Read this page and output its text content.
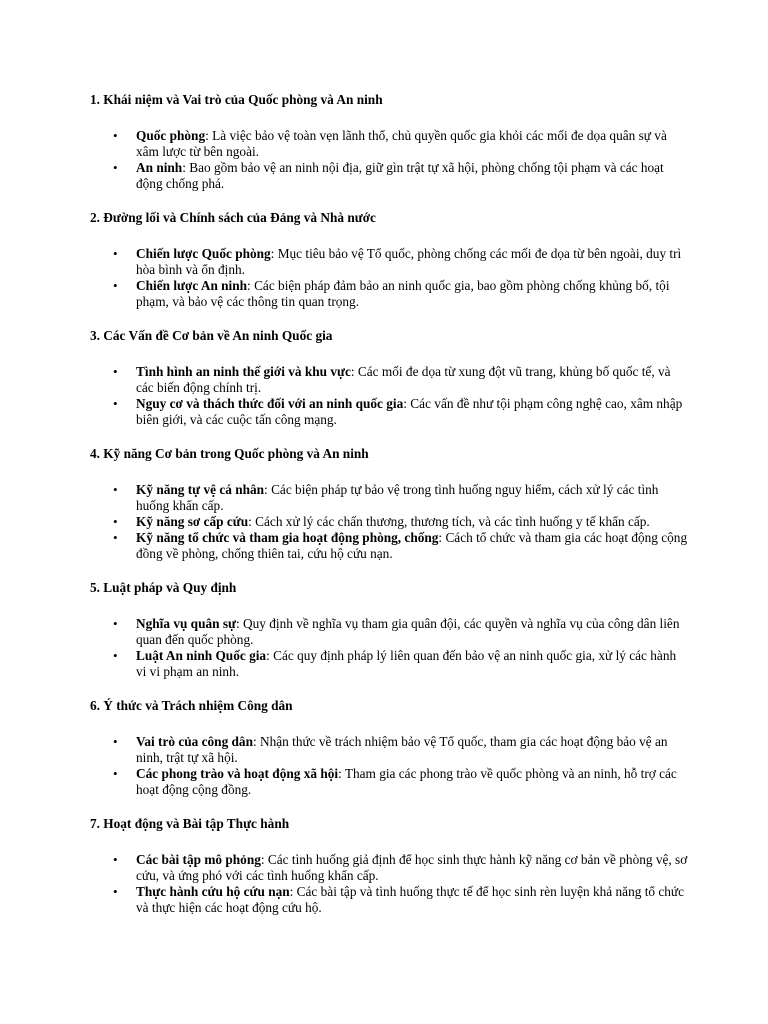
1. Khái niệm và Vai trò của Quốc phòng và An ninh
• Quốc phòng: Là việc bảo vệ toàn vẹn lãnh thổ, chủ quyền quốc gia khỏi các mối đe dọa quân sự và xâm lược từ bên ngoài.
• An ninh: Bao gồm bảo vệ an ninh nội địa, giữ gìn trật tự xã hội, phòng chống tội phạm và các hoạt động chống phá.
2. Đường lối và Chính sách của Đảng và Nhà nước
• Chiến lược Quốc phòng: Mục tiêu bảo vệ Tổ quốc, phòng chống các mối đe dọa từ bên ngoài, duy trì hòa bình và ổn định.
• Chiến lược An ninh: Các biện pháp đảm bảo an ninh quốc gia, bao gồm phòng chống khủng bố, tội phạm, và bảo vệ các thông tin quan trọng.
3. Các Vấn đề Cơ bản về An ninh Quốc gia
• Tình hình an ninh thế giới và khu vực: Các mối đe dọa từ xung đột vũ trang, khủng bố quốc tế, và các biến động chính trị.
• Nguy cơ và thách thức đối với an ninh quốc gia: Các vấn đề như tội phạm công nghệ cao, xâm nhập biên giới, và các cuộc tấn công mạng.
4. Kỹ năng Cơ bản trong Quốc phòng và An ninh
• Kỹ năng tự vệ cá nhân: Các biện pháp tự bảo vệ trong tình huống nguy hiểm, cách xử lý các tình huống khẩn cấp.
• Kỹ năng sơ cấp cứu: Cách xử lý các chấn thương, thương tích, và các tình huống y tế khẩn cấp.
• Kỹ năng tổ chức và tham gia hoạt động phòng, chống: Cách tổ chức và tham gia các hoạt động cộng đồng về phòng, chống thiên tai, cứu hộ cứu nạn.
5. Luật pháp và Quy định
• Nghĩa vụ quân sự: Quy định về nghĩa vụ tham gia quân đội, các quyền và nghĩa vụ của công dân liên quan đến quốc phòng.
• Luật An ninh Quốc gia: Các quy định pháp lý liên quan đến bảo vệ an ninh quốc gia, xử lý các hành vi vi phạm an ninh.
6. Ý thức và Trách nhiệm Công dân
• Vai trò của công dân: Nhận thức về trách nhiệm bảo vệ Tổ quốc, tham gia các hoạt động bảo vệ an ninh, trật tự xã hội.
• Các phong trào và hoạt động xã hội: Tham gia các phong trào về quốc phòng và an ninh, hỗ trợ các hoạt động cộng đồng.
7. Hoạt động và Bài tập Thực hành
• Các bài tập mô phỏng: Các tình huống giả định để học sinh thực hành kỹ năng cơ bản về phòng vệ, sơ cứu, và ứng phó với các tình huống khẩn cấp.
• Thực hành cứu hộ cứu nạn: Các bài tập và tình huống thực tế để học sinh rèn luyện khả năng tổ chức và thực hiện các hoạt động cứu hộ.
